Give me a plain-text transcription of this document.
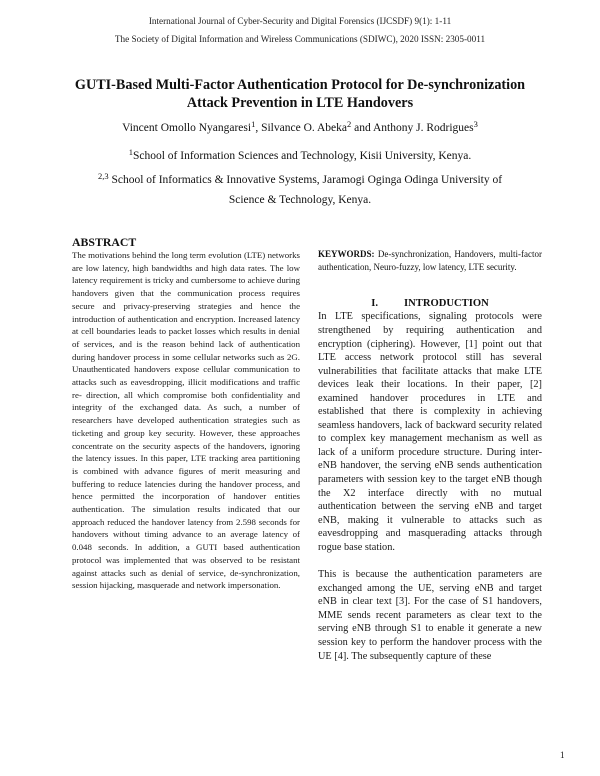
International Journal of Cyber-Security and Digital Forensics (IJCSDF) 9(1): 1-11
The Society of Digital Information and Wireless Communications (SDIWC), 2020 ISSN: 2305-0011
GUTI-Based Multi-Factor Authentication Protocol for De-synchronization
Attack Prevention in LTE Handovers
Vincent Omollo Nyangaresi$^1$, Silvance O. Abeka$^2$ and Anthony J. Rodrigues$^3$
$^1$School of Information Sciences and Technology, Kisii University, Kenya.
$^{2,3}$ School of Informatics & Innovative Systems, Jaramogi Oginga Odinga University of Science & Technology, Kenya.
ABSTRACT

The motivations behind the long term evolution (LTE) networks are low latency, high bandwidths and high data rates. The low latency requirement is tricky and cumbersome to achieve during handovers given that the communication process requires secure and privacy-preserving strategies and hence the introduction of authentication and encryption. Increased latency at cell boundaries leads to packet losses which results in denial of services, and is the reason behind lack of authentication during handover process in some cellular networks such as 2G. Unauthenticated handovers expose cellular communication to attacks such as eavesdropping, illicit modifications and traffic re- direction, all which compromise both confidentiality and integrity of the exchanged data. As such, a number of researchers have developed authentication strategies such as ticketing and group key security. However, these approaches concentrate on the security aspects of the handovers, ignoring the latency issues. In this paper, LTE tracking area partitioning is combined with advance figures of merit measuring and buffering to reduce latencies during the handover process, and hence permitted the incorporation of handover entities authentication. The simulation results indicated that our approach reduced the handover latency from 2.598 seconds for handovers without timing advance to an average latency of 0.048 seconds. In addition, a GUTI based authentication protocol was implemented that was observed to be resistant against attacks such as denial of service, de-synchronization, session hijacking, masquerade and network impersonation.

KEYWORDS: De-synchronization, Handovers, multi-factor authentication, Neuro-fuzzy, low latency, LTE security.

I. INTRODUCTION

In LTE specifications, signaling protocols were strengthened by requiring authentication and encryption (ciphering). However, [1] point out that LTE access network protocol still has several vulnerabilities that facilitate attacks that make LTE devices leak their locations. In their paper, [2] examined handover procedures in LTE and established that there is complexity in achieving seamless handovers, lack of backward security related to complex key management mechanism as well as lack of a uniform procedure structure. During inter- eNB handover, the serving eNB sends authentication parameters with session key to the target eNB though the X2 interface directly with no mutual authentication between the serving eNB and target eNB, making it vulnerable to attacks such as eavesdropping and masquerading attacks through rogue base station.

This is because the authentication parameters are exchanged among the UE, serving eNB and target eNB in clear text [3]. For the case of S1 handovers, MME sends recent parameters as clear text to the serving eNB through S1 to enable it generate a new session key to perform the handover process with the UE [4]. The subsequently capture of these

1
